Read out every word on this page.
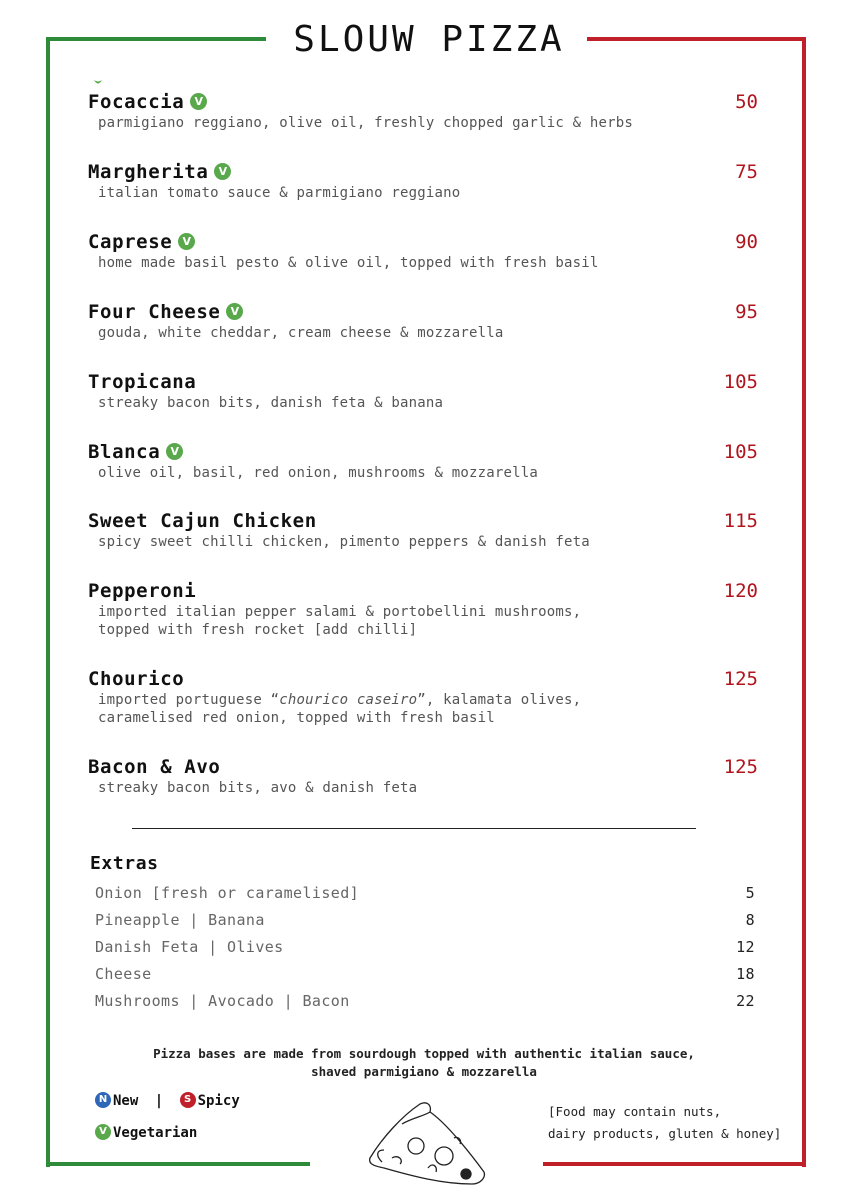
SLOUW PIZZA
Focaccia V	50
parmigiano reggiano, olive oil, freshly chopped garlic & herbs
Margherita V	75
italian tomato sauce & parmigiano reggiano
Caprese V	90
home made basil pesto & olive oil, topped with fresh basil
Four Cheese V	95
gouda, white cheddar, cream cheese & mozzarella
Tropicana	105
streaky bacon bits, danish feta & banana
Blanca V	105
olive oil, basil, red onion, mushrooms & mozzarella
Sweet Cajun Chicken	115
spicy sweet chilli chicken, pimento peppers & danish feta
Pepperoni	120
imported italian pepper salami & portobellini mushrooms,
topped with fresh rocket [add chilli]
Chourico	125
imported portuguese “chourico caseiro”, kalamata olives,
caramelised red onion, topped with fresh basil
Bacon & Avo	125
streaky bacon bits, avo & danish feta
Extras
Onion [fresh or caramelised]	5
Pineapple | Banana	8
Danish Feta | Olives	12
Cheese	18
Mushrooms | Avocado | Bacon	22
Pizza bases are made from sourdough topped with authentic italian sauce,
shaved parmigiano & mozzarella
N New | S Spicy
V Vegetarian
[Food may contain nuts,
dairy products, gluten & honey]
